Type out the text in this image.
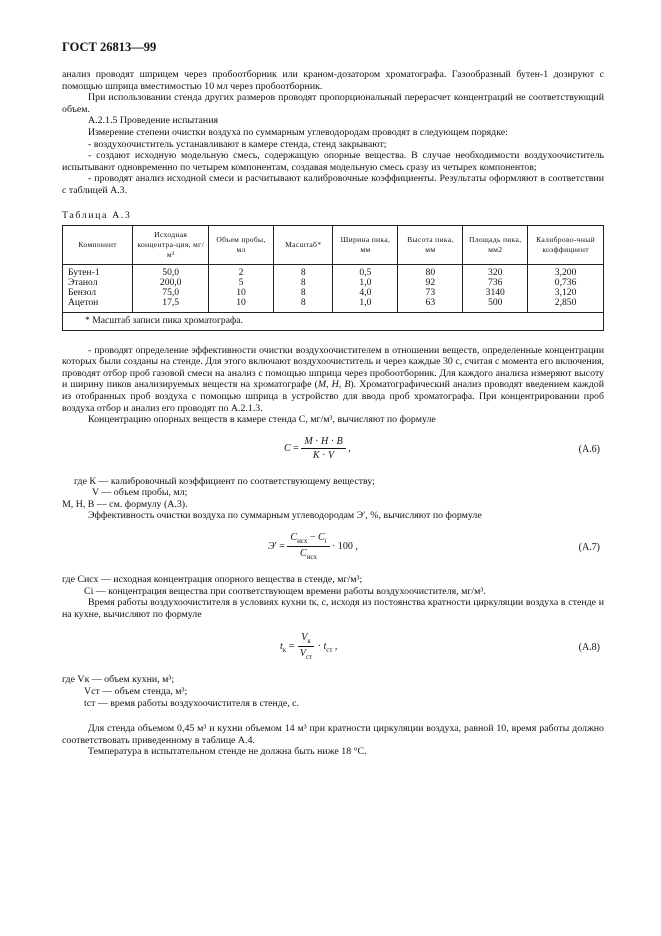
ГОСТ 26813—99

анализ проводят шприцем через пробоотборник или краном-дозатором хроматографа. Газообразный бутен-1 дозируют с помощью шприца вместимостью 10 мл через пробоотборник.

При использовании стенда других размеров проводят пропорциональный перерасчет концентраций не соответствующий объем.

А.2.1.5 Проведение испытания

Измерение степени очистки воздуха по суммарным углеводородам проводят в следующем порядке:

- воздухоочиститель устанавливают в камере стенда, стенд закрывают;

- создают исходную модельную смесь, содержащую опорные вещества. В случае необходимости воздухоочиститель испытывают одновременно по четырем компонентам, создавая модельную смесь сразу из четырех компонентов;

- проводят анализ исходной смеси и расчитывают калибровочные коэффициенты. Результаты оформляют в соответствии с таблицей А.3.

Таблица А.3
Компонент	Исходная концентра-ция, мг/м³	Объем пробы, мл	Масштаб*	Ширина пика, мм	Высота пика, мм	Площадь пика, мм2	Калиброво-чный коэффициент
Бутен-1	50,0	2	8	0,5	80	320	3,200
Этанол	200,0	5	8	1,0	92	736	0,736
Бензол	75,0	10	8	4,0	73	3140	3,120
Ацетон	17,5	10	8	1,0	63	500	2,850
* Масштаб записи пика хроматографа.							

- проводят определение эффективности очистки воздухоочистителем в отношении веществ, определенные концентрации которых были созданы на стенде. Для этого включают воздухоочиститель и через каждые 30 с, считая с момента его включения, проводят отбор проб газовой смеси на анализ с помощью шприца через пробоотборник. Для каждого анализа измеряют высоту и ширину пиков анализируемых веществ на хроматографе (М, Н, В). Хроматографический анализ проводят введением каждой из отобранных проб воздуха с помощью шприца в устройство для ввода проб хроматографа. При концентрировании проб воздуха отбор и анализ его проводят по А.2.1.3.

Концентрацию опорных веществ в камере стенда С, мг/м³, вычисляют по формуле

$C = \frac{M \cdot H \cdot B}{K \cdot V}$ ,	(А.6)

где К — калибровочный коэффициент по соответствующему веществу;

V — объем пробы, мл;

М, Н, В — см. формулу (А.3).

Эффективность очистки воздуха по суммарным углеводородам Э′, %, вычисляют по формуле

$Э' = \frac{C_{исх} - C_i}{C_{исх}} \cdot 100$ ,	(А.7)

где Cисх — исходная концентрация опорного вещества в стенде, мг/м³;

Ci — концентрация вещества при соответствующем времени работы воздухоочистителя, мг/м³.

Время работы воздухоочистителя в условиях кухни tк, с, исходя из постоянства кратности циркуляции воздуха в стенде и на кухне, вычисляют по формуле

$t_к = \frac{V_к}{V_{ст}} \cdot t_{ст}$ ,	(А.8)

где Vк — объем кухни, м³;

Vст — объем стенда, м³;

tст — время работы воздухоочистителя в стенде, с.

Для стенда объемом 0,45 м³ и кухни объемом 14 м³ при кратности циркуляции воздуха, равной 10, время работы должно соответствовать приведенному в таблице А.4.

Температура в испытательном стенде не должна быть ниже 18 °С.
